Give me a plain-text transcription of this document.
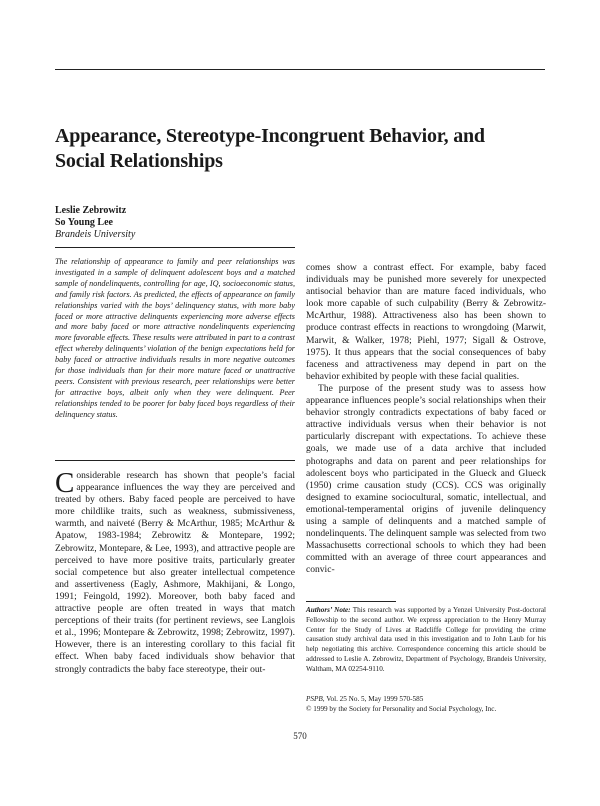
Appearance, Stereotype-Incongruent Behavior, and Social Relationships
Leslie Zebrowitz
So Young Lee
Brandeis University

The relationship of appearance to family and peer relationships was investigated in a sample of delinquent adolescent boys and a matched sample of nondelinquents, controlling for age, IQ, socioeconomic status, and family risk factors. As predicted, the effects of appearance on family relationships varied with the boys’ delinquency status, with more baby faced or more attractive delinquents experiencing more adverse effects and more baby faced or more attractive nondelinquents experiencing more favorable effects. These results were attributed in part to a contrast effect whereby delinquents’ violation of the benign expectations held for baby faced or attractive individuals results in more negative outcomes for those individuals than for their more mature faced or unattractive peers. Consistent with previous research, peer relationships were better for attractive boys, albeit only when they were delinquent. Peer relationships tended to be poorer for baby faced boys regardless of their delinquency status.

Considerable research has shown that people’s facial appearance influences the way they are perceived and treated by others. Baby faced people are perceived to have more childlike traits, such as weakness, submissiveness, warmth, and naiveté (Berry & McArthur, 1985; McArthur & Apatow, 1983-1984; Zebrowitz & Montepare, 1992; Zebrowitz, Montepare, & Lee, 1993), and attractive people are perceived to have more positive traits, particularly greater social competence but also greater intellectual competence and assertiveness (Eagly, Ashmore, Makhijani, & Longo, 1991; Feingold, 1992). Moreover, both baby faced and attractive people are often treated in ways that match perceptions of their traits (for pertinent reviews, see Langlois et al., 1996; Monteparе & Zebrowitz, 1998; Zebrowitz, 1997). However, there is an interesting corollary to this facial fit effect. When baby faced individuals show behavior that strongly contradicts the baby face stereotype, their out-

comes show a contrast effect. For example, baby faced individuals may be punished more severely for unexpected antisocial behavior than are mature faced individuals, who look more capable of such culpability (Berry & Zebrowitz-McArthur, 1988). Attractiveness also has been shown to produce contrast effects in reactions to wrongdoing (Marwit, Marwit, & Walker, 1978; Piehl, 1977; Sigall & Ostrove, 1975). It thus appears that the social consequences of baby faceness and attractiveness may depend in part on the behavior exhibited by people with these facial qualities.

The purpose of the present study was to assess how appearance influences people’s social relationships when their behavior strongly contradicts expectations of baby faced or attractive individuals versus when their behavior is not particularly discrepant with expectations. To achieve these goals, we made use of a data archive that included photographs and data on parent and peer relationships for adolescent boys who participated in the Glueck and Glueck (1950) crime causation study (CCS). CCS was originally designed to examine sociocultural, somatic, intellectual, and emotional-temperamental origins of juvenile delinquency using a sample of delinquents and a matched sample of nondelinquents. The delinquent sample was selected from two Massachusetts correctional schools to which they had been committed with an average of three court appearances and convic-

Authors’ Note: This research was supported by a Yenzei University Post-doctoral Fellowship to the second author. We express appreciation to the Henry Murray Center for the Study of Lives at Radcliffe College for providing the crime causation study archival data used in this investigation and to John Laub for his help negotiating this archive. Correspondence concerning this article should be addressed to Leslie A. Zebrowitz, Department of Psychology, Brandeis University, Waltham, MA 02254-9110.

PSPB, Vol. 25 No. 5, May 1999 570-585
© 1999 by the Society for Personality and Social Psychology, Inc.
570
